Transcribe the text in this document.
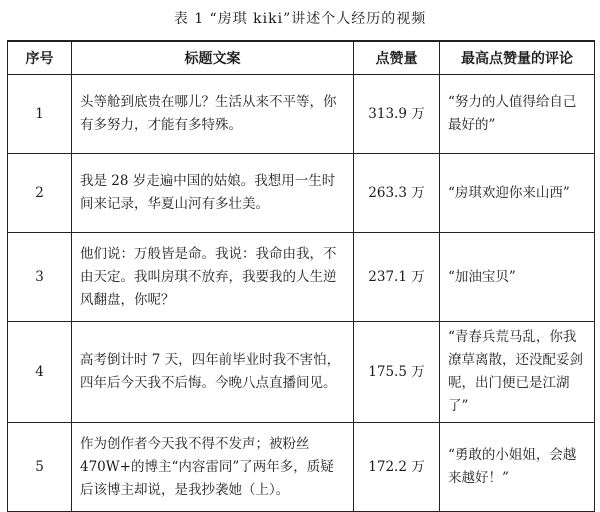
表 1 “房琪 kiki”讲述个人经历的视频
序号	标题文案	点赞量	最高点赞量的评论
1	头等舱到底贵在哪儿？生活从来不平等，你有多努力，才能有多特殊。	313.9 万	“努力的人值得给自己最好的”
2	我是 28 岁走遍中国的姑娘。我想用一生时间来记录，华夏山河有多壮美。	263.3 万	“房琪欢迎你来山西”
3	他们说：万般皆是命。我说：我命由我，不由天定。我叫房琪不放弃，我要我的人生逆风翻盘，你呢？	237.1 万	“加油宝贝”
4	高考倒计时 7 天，四年前毕业时我不害怕，四年后今天我不后悔。今晚八点直播间见。	175.5 万	“青春兵荒马乱，你我潦草离散，还没配妥剑呢，出门便已是江湖了”
5	作为创作者今天我不得不发声；被粉丝 470W+的博主“内容雷同”了两年多，质疑后该博主却说，是我抄袭她（上）。	172.2 万	“勇敢的小姐姐，会越来越好！”
